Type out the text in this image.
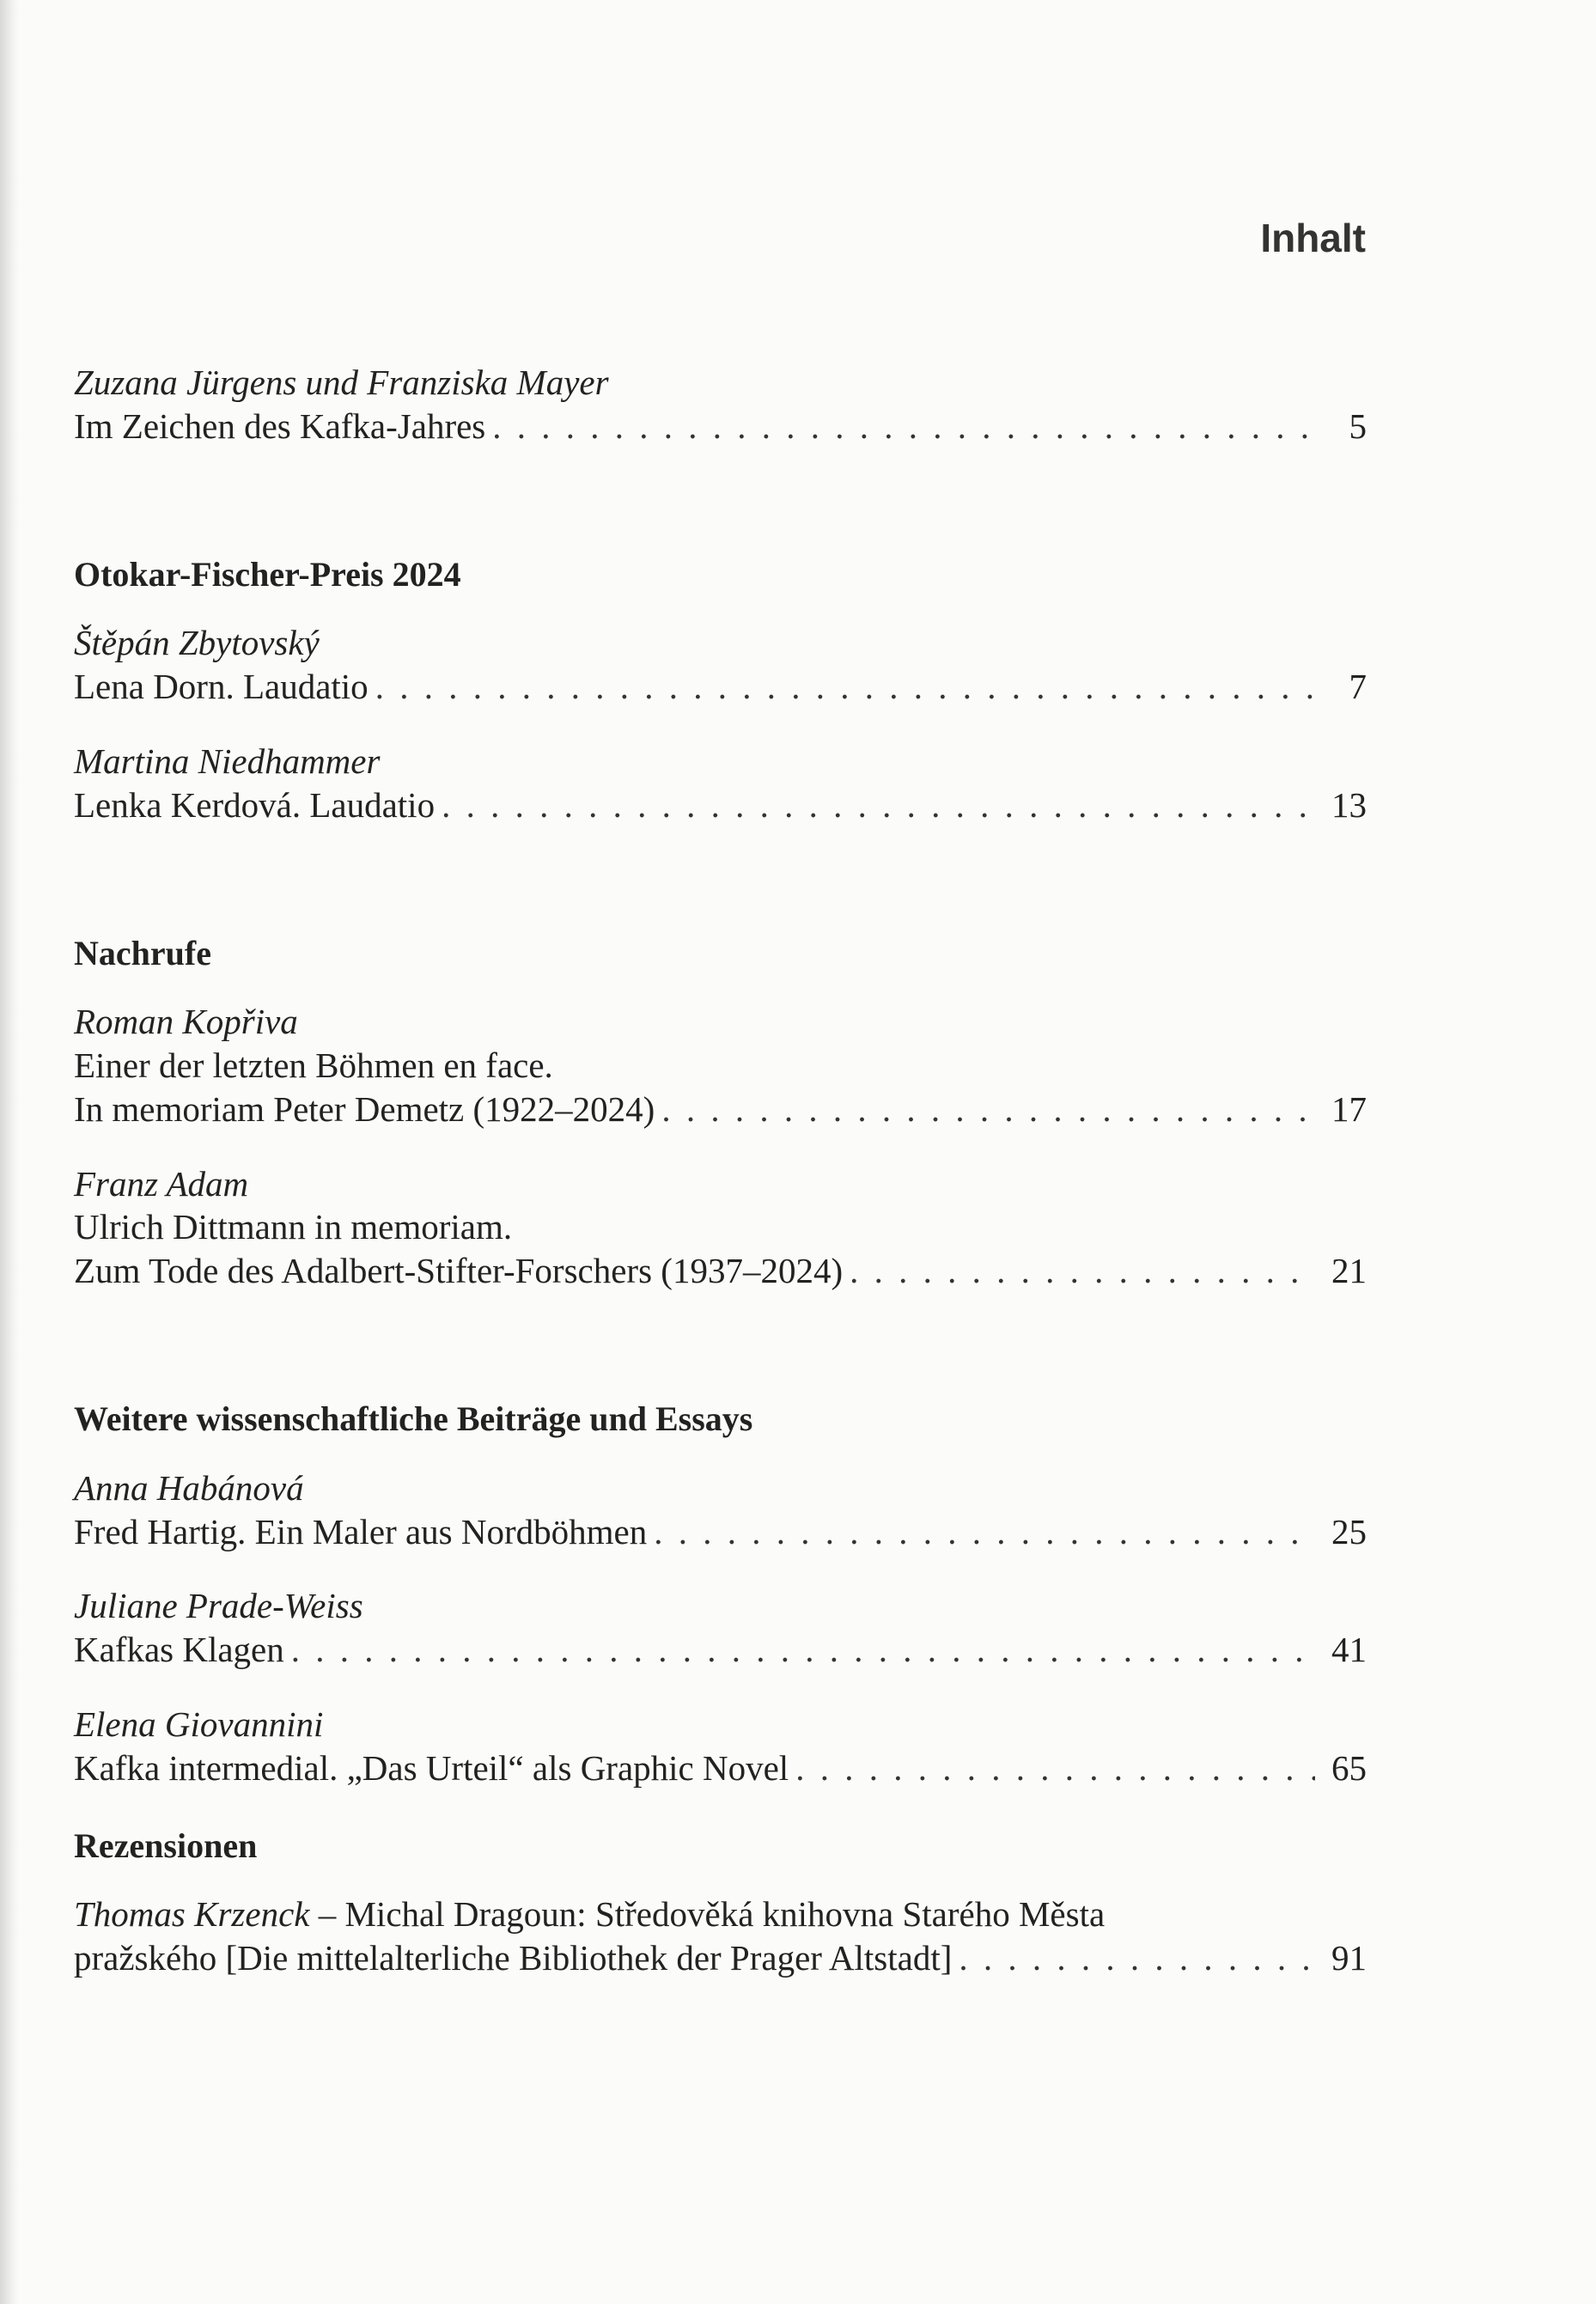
Inhalt
Zuzana Jürgens und Franziska Mayer
Im Zeichen des Kafka-Jahres . . .	5
Otokar-Fischer-Preis 2024
Štěpán Zbytovský
Lena Dorn. Laudatio . . .	7
Martina Niedhammer
Lenka Kerdová. Laudatio . . .	13
Nachrufe
Roman Kopřiva
Einer der letzten Böhmen en face.
In memoriam Peter Demetz (1922–2024) . . .	17
Franz Adam
Ulrich Dittmann in memoriam.
Zum Tode des Adalbert-Stifter-Forschers (1937–2024) . . .	21
Weitere wissenschaftliche Beiträge und Essays
Anna Habánová
Fred Hartig. Ein Maler aus Nordböhmen . . .	25
Juliane Prade-Weiss
Kafkas Klagen . . .	41
Elena Giovannini
Kafka intermedial. „Das Urteil“ als Graphic Novel . . .	65
Rezensionen
Thomas Krzenck – Michal Dragoun: Středověká knihovna Starého Města
pražského [Die mittelalterliche Bibliothek der Prager Altstadt] . . .	91
